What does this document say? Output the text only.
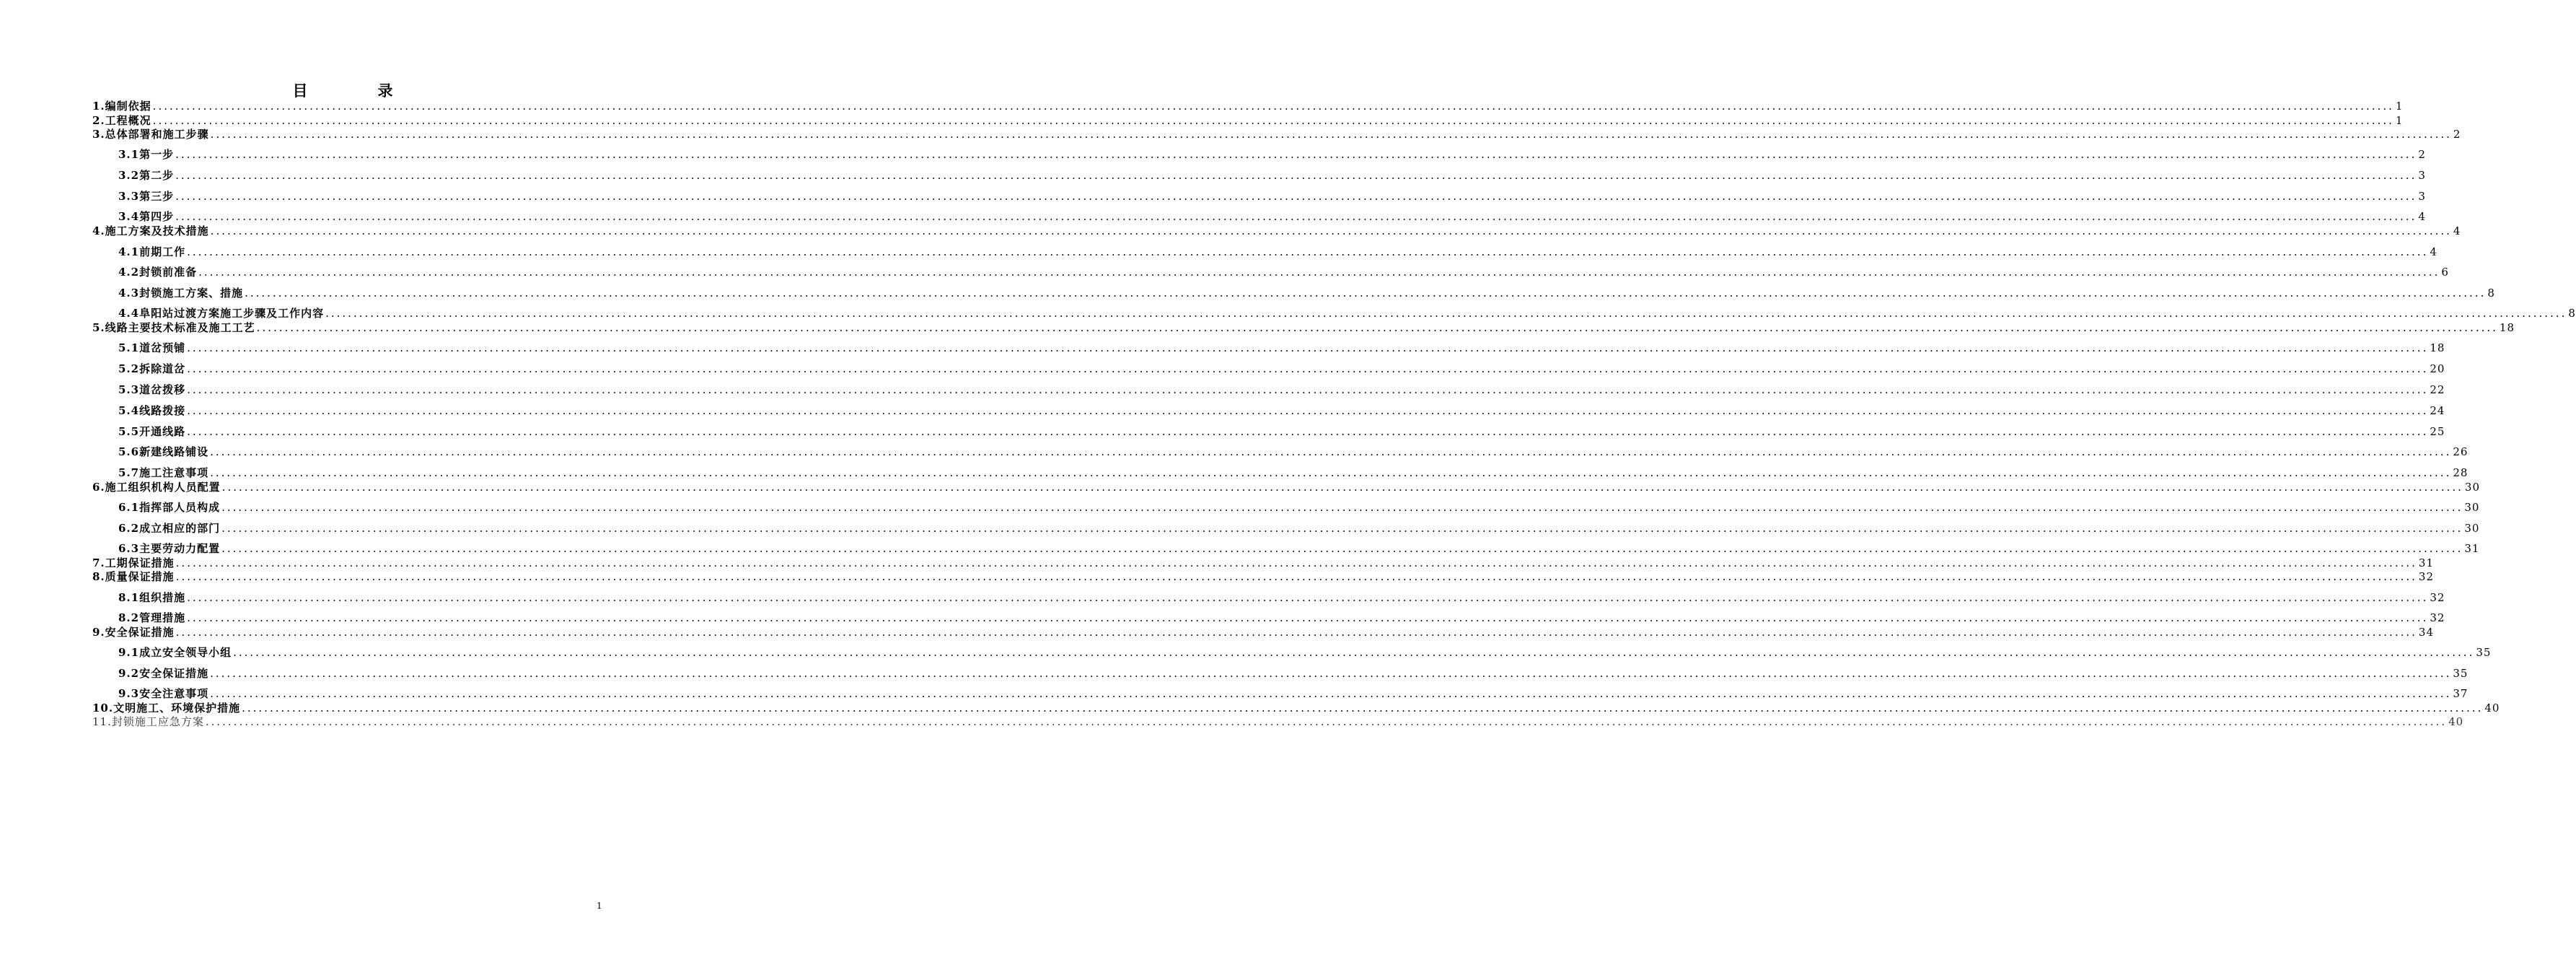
目　录
1.编制依据 ................................................................................................................................................................................................................................................................................................................................................................................................................ 1
2.工程概况 ................................................................................................................................................................................................................................................................................................................................................................................................................ 1
3.总体部署和施工步骤 ................................................................................................................................................................................................................................................................................................................................................................................................................ 2
3.1第一步 ................................................................................................................................................................................................................................................................................................................................................................................................................ 2
3.2第二步 ................................................................................................................................................................................................................................................................................................................................................................................................................ 3
3.3第三步 ................................................................................................................................................................................................................................................................................................................................................................................................................ 3
3.4第四步 ................................................................................................................................................................................................................................................................................................................................................................................................................ 4
4.施工方案及技术措施 ................................................................................................................................................................................................................................................................................................................................................................................................................ 4
4.1前期工作 ................................................................................................................................................................................................................................................................................................................................................................................................................ 4
4.2封锁前准备 ................................................................................................................................................................................................................................................................................................................................................................................................................ 6
4.3封锁施工方案、措施 ................................................................................................................................................................................................................................................................................................................................................................................................................ 8
4.4阜阳站过渡方案施工步骤及工作内容 ................................................................................................................................................................................................................................................................................................................................................................................................................ 8
5.线路主要技术标准及施工工艺 ................................................................................................................................................................................................................................................................................................................................................................................................................ 18
5.1道岔预铺 ................................................................................................................................................................................................................................................................................................................................................................................................................ 18
5.2拆除道岔 ................................................................................................................................................................................................................................................................................................................................................................................................................ 20
5.3道岔拨移 ................................................................................................................................................................................................................................................................................................................................................................................................................ 22
5.4线路拨接 ................................................................................................................................................................................................................................................................................................................................................................................................................ 24
5.5开通线路 ................................................................................................................................................................................................................................................................................................................................................................................................................ 25
5.6新建线路铺设 ................................................................................................................................................................................................................................................................................................................................................................................................................ 26
5.7施工注意事项 ................................................................................................................................................................................................................................................................................................................................................................................................................ 28
6.施工组织机构人员配置 ................................................................................................................................................................................................................................................................................................................................................................................................................ 30
6.1指挥部人员构成 ................................................................................................................................................................................................................................................................................................................................................................................................................ 30
6.2成立相应的部门 ................................................................................................................................................................................................................................................................................................................................................................................................................ 30
6.3主要劳动力配置 ................................................................................................................................................................................................................................................................................................................................................................................................................ 31
7.工期保证措施 ................................................................................................................................................................................................................................................................................................................................................................................................................ 31
8.质量保证措施 ................................................................................................................................................................................................................................................................................................................................................................................................................ 32
8.1组织措施 ................................................................................................................................................................................................................................................................................................................................................................................................................ 32
8.2管理措施 ................................................................................................................................................................................................................................................................................................................................................................................................................ 32
9.安全保证措施 ................................................................................................................................................................................................................................................................................................................................................................................................................ 34
9.1成立安全领导小组 ................................................................................................................................................................................................................................................................................................................................................................................................................ 35
9.2安全保证措施 ................................................................................................................................................................................................................................................................................................................................................................................................................ 35
9.3安全注意事项 ................................................................................................................................................................................................................................................................................................................................................................................................................ 37
10.文明施工、环境保护措施 ................................................................................................................................................................................................................................................................................................................................................................................................................ 40
11.封锁施工应急方案 ................................................................................................................................................................................................................................................................................................................................................................................................................ 40
1
